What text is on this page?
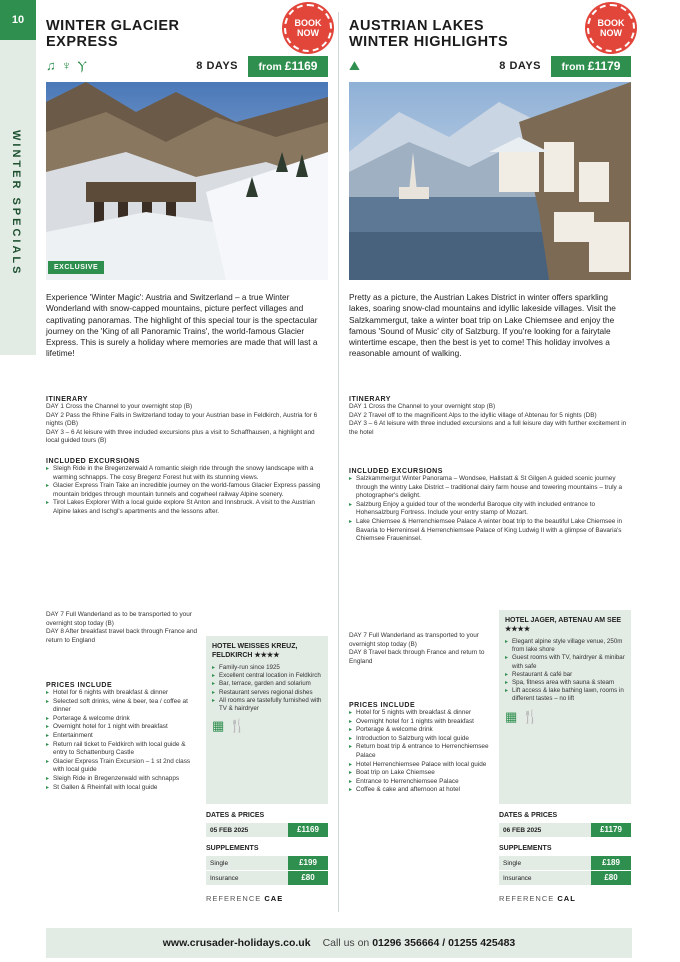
10
WINTER SPECIALS
WINTER GLACIER
EXPRESS
BOOK
NOW
♫ ♆ Ⲩ	8 DAYS	from £1169
EXCLUSIVE
Experience 'Winter Magic': Austria and Switzerland – a true Winter Wonderland with snow-capped mountains, picture perfect villages and captivating panoramas. The highlight of this special tour is the spectacular journey on the 'King of all Panoramic Trains', the world-famous Glacier Express. This is surely a holiday where memories are made that will last a lifetime!
ITINERARY
DAY 1 Cross the Channel to your overnight stop (B)
DAY 2 Pass the Rhine Falls in Switzerland today to your Austrian base in Feldkirch, Austria for 6 nights (DB)
DAY 3 – 6 At leisure with three included excursions plus a visit to Schaffhausen, a highlight and local guided tours (B)
INCLUDED EXCURSIONS
▸ Sleigh Ride in the Bregenzerwald A romantic sleigh ride through the snowy landscape with a warming schnapps. The cosy Bregenz Forest hut with its stunning views.
▸ Glacier Express Train Take an incredible journey on the world-famous Glacier Express passing mountain bridges through mountain tunnels and cogwheel railway Alpine scenery.
▸ Tirol Lakes Explorer With a local guide explore St Anton and Innsbruck. A visit to the Austrian Alpine lakes and Ischgl's apartments and the lessons after.
DAY 7 Full Wanderland as to be transported to your overnight stop today (B)
DAY 8 After breakfast travel back through France and return to England
PRICES INCLUDE
▸ Hotel for 6 nights with breakfast & dinner
▸ Selected soft drinks, wine & beer, tea / coffee at dinner
▸ Porterage & welcome drink
▸ Overnight hotel for 1 night with breakfast
▸ Entertainment
▸ Return rail ticket to Feldkirch with local guide & entry to Schattenburg Castle
▸ Glacier Express Train Excursion – 1 st 2nd class with local guide
▸ Sleigh Ride in Bregenzerwald with schnapps
▸ St Gallen & Rheinfall with local guide
HOTEL WEISSES KREUZ, FELDKIRCH ★★★★
▸ Family-run since 1925
▸ Excellent central location in Feldkirch
▸ Bar, terrace, garden and solarium
▸ Restaurant serves regional dishes
▸ All rooms are tastefully furnished with TV & hairdryer
▦🍴
DATES & PRICES
05 FEB 2025	£1169
SUPPLEMENTS
Single	£199
Insurance	£80
REFERENCE CAE
AUSTRIAN LAKES
WINTER HIGHLIGHTS
BOOK
NOW
⛰	8 DAYS	from £1179
Pretty as a picture, the Austrian Lakes District in winter offers sparkling lakes, soaring snow-clad mountains and idyllic lakeside villages. Visit the Salzkammergut, take a winter boat trip on Lake Chiemsee and enjoy the famous 'Sound of Music' city of Salzburg. If you're looking for a fairytale wintertime escape, then the best is yet to come! This holiday involves a reasonable amount of walking.
ITINERARY
DAY 1 Cross the Channel to your overnight stop (B)
DAY 2 Travel off to the magnificent Alps to the idyllic village of Abtenau for 5 nights (DB)
DAY 3 – 6 At leisure with three included excursions and a full leisure day with further excitement in the hotel
INCLUDED EXCURSIONS
▸ Salzkammergut Winter Panorama – Wondsee, Hallstatt & St Gilgen A guided scenic journey through the wintry Lake District – traditional dairy farm house and towering mountains – truly a photographer's delight.
▸ Salzburg Enjoy a guided tour of the wonderful Baroque city with included entrance to Hohensalzburg Fortress. Include your entry stamp of Mozart.
▸ Lake Chiemsee & Herrenchiemsee Palace A winter boat trip to the beautiful Lake Chiemsee in Bavaria to Herreninsel & Herrenchiemsee Palace of King Ludwig II with a glimpse of Bavaria's Chiemsee Fraueninsel.
DAY 7 Full Wanderland as transported to your overnight stop today (B)
DAY 8 Travel back through France and return to England
PRICES INCLUDE
▸ Hotel for 5 nights with breakfast & dinner
▸ Overnight hotel for 1 nights with breakfast
▸ Porterage & welcome drink
▸ Introduction to Salzburg with local guide
▸ Return boat trip & entrance to Herrenchiemsee Palace
▸ Hotel Herrenchiemsee Palace with local guide
▸ Boat trip on Lake Chiemsee
▸ Entrance to Herrenchiemsee Palace
▸ Coffee & cake and afternoon at hotel
HOTEL JAGER, ABTENAU AM SEE ★★★★
▸ Elegant alpine style village venue, 250m from lake shore
▸ Guest rooms with TV, hairdryer & minibar with safe
▸ Restaurant & café bar
▸ Spa, fitness area with sauna & steam
▸ Lift access & lake bathing lawn, rooms in different tastes – no lift
▦🍴
DATES & PRICES
06 FEB 2025	£1179
SUPPLEMENTS
Single	£189
Insurance	£80
REFERENCE CAL
www.crusader-holidays.co.uk Call us on 01296 356664 / 01255 425483
